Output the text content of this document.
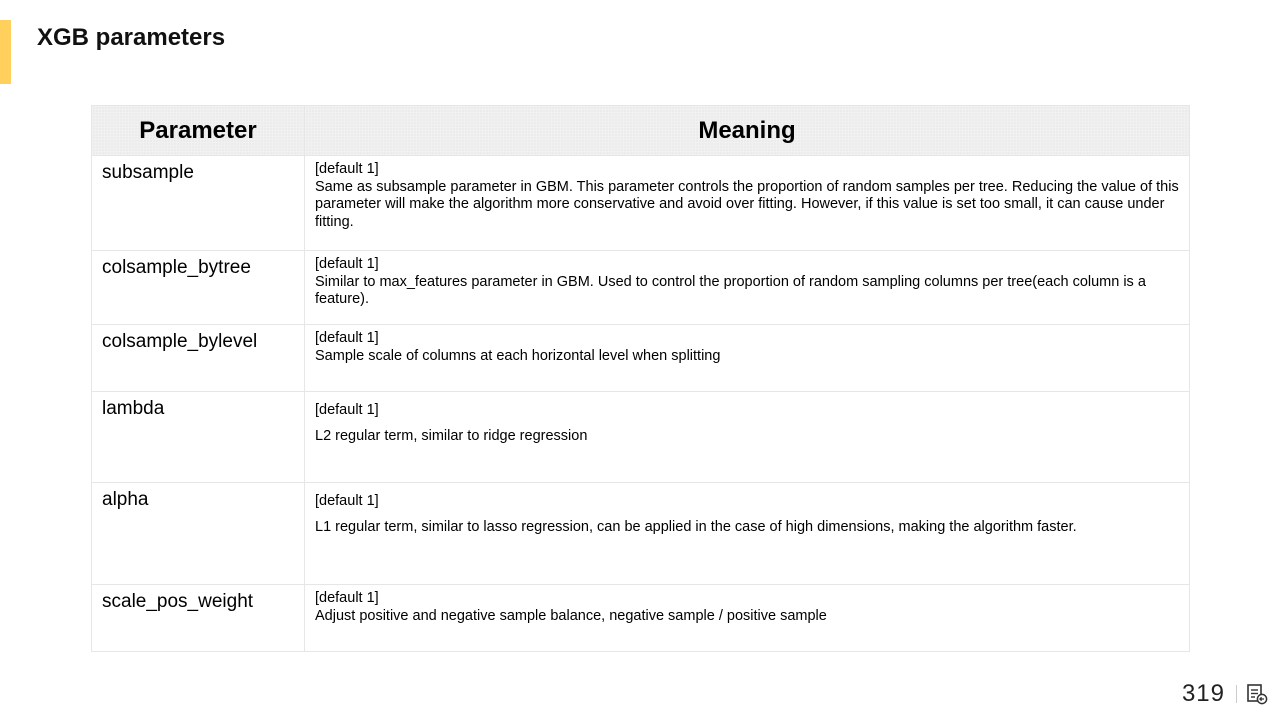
XGB parameters
Parameter	Meaning
subsample	[default 1]
Same as subsample parameter in GBM. This parameter controls the proportion of random samples per tree. Reducing the value of this parameter will make the algorithm more conservative and avoid over fitting. However, if this value is set too small, it can cause under fitting.

colsample_bytree	[default 1]
Similar to max_features parameter in GBM. Used to control the proportion of random sampling columns per tree(each column is a feature).

colsample_bylevel	[default 1]
Sample scale of columns at each horizontal level when splitting

lambda	[default 1]
L2 regular term, similar to ridge regression

alpha	[default 1]
L1 regular term, similar to lasso regression, can be applied in the case of high dimensions, making the algorithm faster.

scale_pos_weight	[default 1]
Adjust positive and negative sample balance, negative sample / positive sample
319
